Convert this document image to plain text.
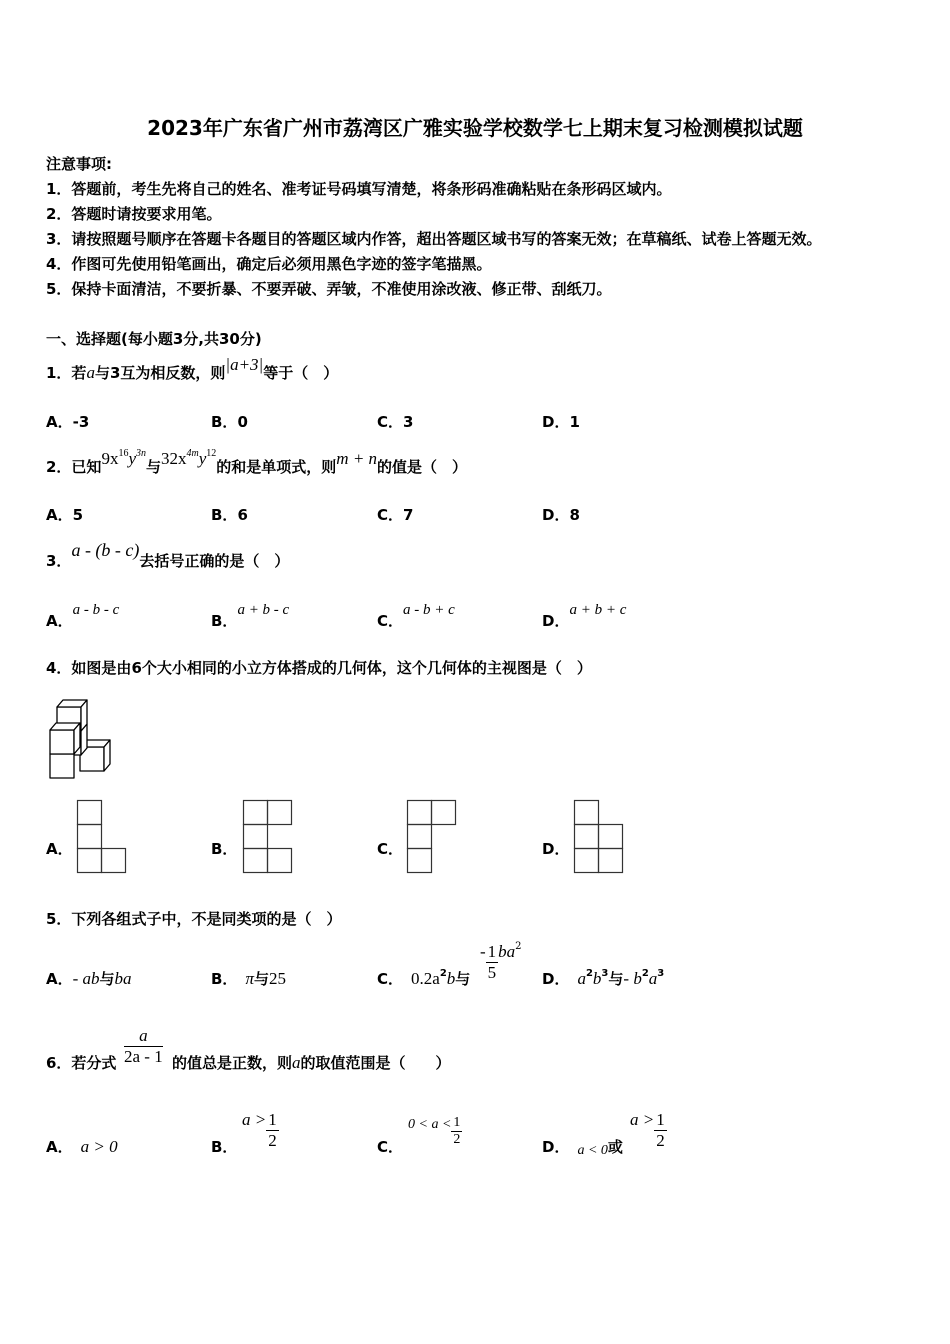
2023年广东省广州市荔湾区广雅实验学校数学七上期末复习检测模拟试题
注意事项:
1．答题前，考生先将自己的姓名、准考证号码填写清楚，将条形码准确粘贴在条形码区域内。
2．答题时请按要求用笔。
3．请按照题号顺序在答题卡各题目的答题区域内作答，超出答题区域书写的答案无效；在草稿纸、试卷上答题无效。
4．作图可先使用铅笔画出，确定后必须用黑色字迹的签字笔描黑。
5．保持卡面清洁，不要折暴、不要弄破、弄皱，不准使用涂改液、修正带、刮纸刀。
一、选择题(每小题3分,共30分)
1．若a与3互为相反数，则|a+3|等于（　）
A．-3	B．0	C．3	D．1
2．已知$9x^{16}y^{3n}$与$32x^{4m}y^{12}$的和是单项式，则m + n的值是（　）
A．5	B．6	C．7	D．8
3．a - (b - c)去括号正确的是（　）
A．a - b - c
B．a + b - c
C．a - b + c
D．a + b + c
4．如图是由6个大小相同的小立方体搭成的几何体，这个几何体的主视图是（　）
A．	B．	C．	D．
5．下列各组式子中，不是同类项的是（　）
A．- ab与ba	B． π与25	C． $0.2a^2b$与
- $\frac{1}{5} ba^2$
D． $a^2b^3$与- $b^2a^3$
6．若分式 $\frac{a}{2a - 1}$ 的值总是正数，则a的取值范围是（　　）
A． a > 0	B．
$a > \frac{1}{2}$	C．
$0 < a < \frac{1}{2}$	D． a < 0或
$a > \frac{1}{2}$
